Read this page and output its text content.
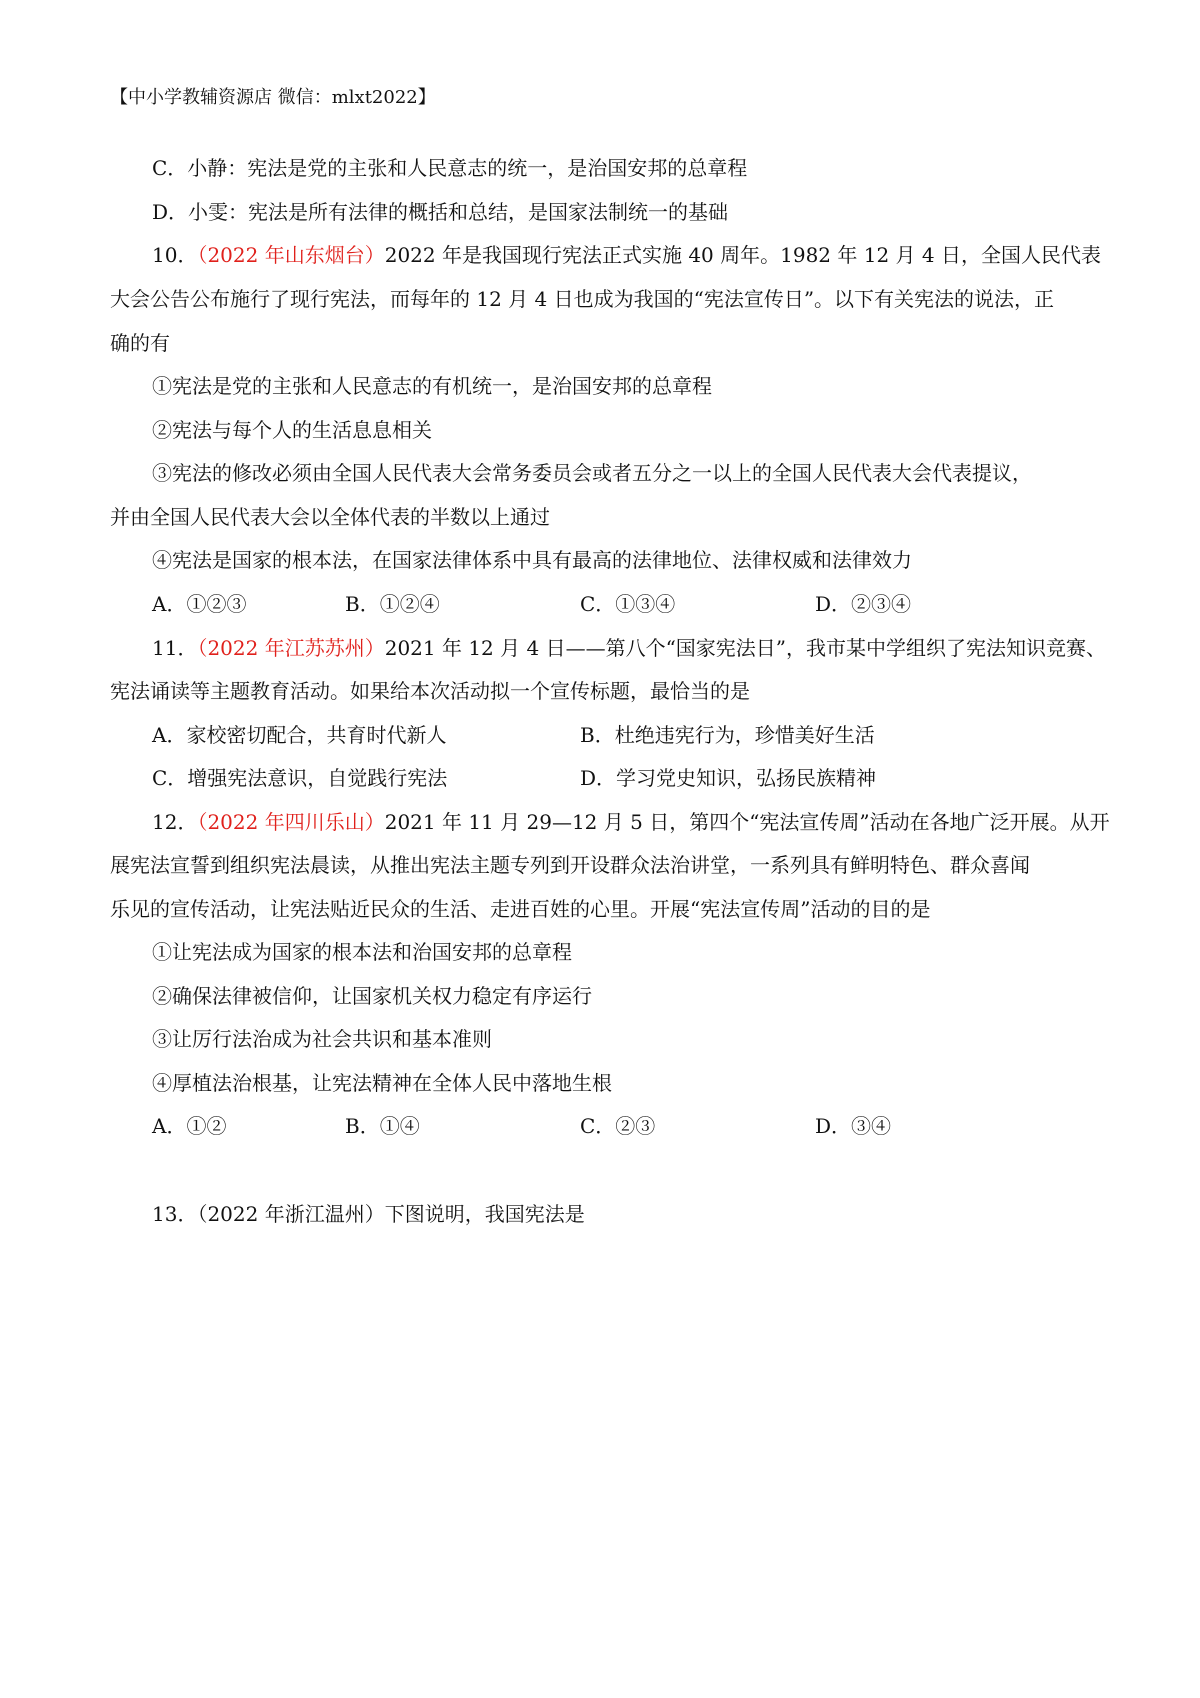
【中小学教辅资源店 微信：mlxt2022】
C．小静：宪法是党的主张和人民意志的统一，是治国安邦的总章程
D．小雯：宪法是所有法律的概括和总结，是国家法制统一的基础
10．（2022 年山东烟台）2022 年是我国现行宪法正式实施 40 周年。1982 年 12 月 4 日，全国人民代表
大会公告公布施行了现行宪法，而每年的 12 月 4 日也成为我国的“宪法宣传日”。以下有关宪法的说法，正
确的有
①宪法是党的主张和人民意志的有机统一，是治国安邦的总章程
②宪法与每个人的生活息息相关
③宪法的修改必须由全国人民代表大会常务委员会或者五分之一以上的全国人民代表大会代表提议，
并由全国人民代表大会以全体代表的半数以上通过
④宪法是国家的根本法，在国家法律体系中具有最高的法律地位、法律权威和法律效力
A．①②③	B．①②④	C．①③④	D．②③④
11．（2022 年江苏苏州）2021 年 12 月 4 日——第八个“国家宪法日”，我市某中学组织了宪法知识竞赛、
宪法诵读等主题教育活动。如果给本次活动拟一个宣传标题，最恰当的是
A．家校密切配合，共育时代新人	B．杜绝违宪行为，珍惜美好生活
C．增强宪法意识，自觉践行宪法	D．学习党史知识，弘扬民族精神
12．（2022 年四川乐山）2021 年 11 月 29—12 月 5 日，第四个“宪法宣传周”活动在各地广泛开展。从开
展宪法宣誓到组织宪法晨读，从推出宪法主题专列到开设群众法治讲堂，一系列具有鲜明特色、群众喜闻
乐见的宣传活动，让宪法贴近民众的生活、走进百姓的心里。开展“宪法宣传周”活动的目的是
①让宪法成为国家的根本法和治国安邦的总章程
②确保法律被信仰，让国家机关权力稳定有序运行
③让厉行法治成为社会共识和基本准则
④厚植法治根基，让宪法精神在全体人民中落地生根
A．①②	B．①④	C．②③	D．③④
13．（2022 年浙江温州）下图说明，我国宪法是
